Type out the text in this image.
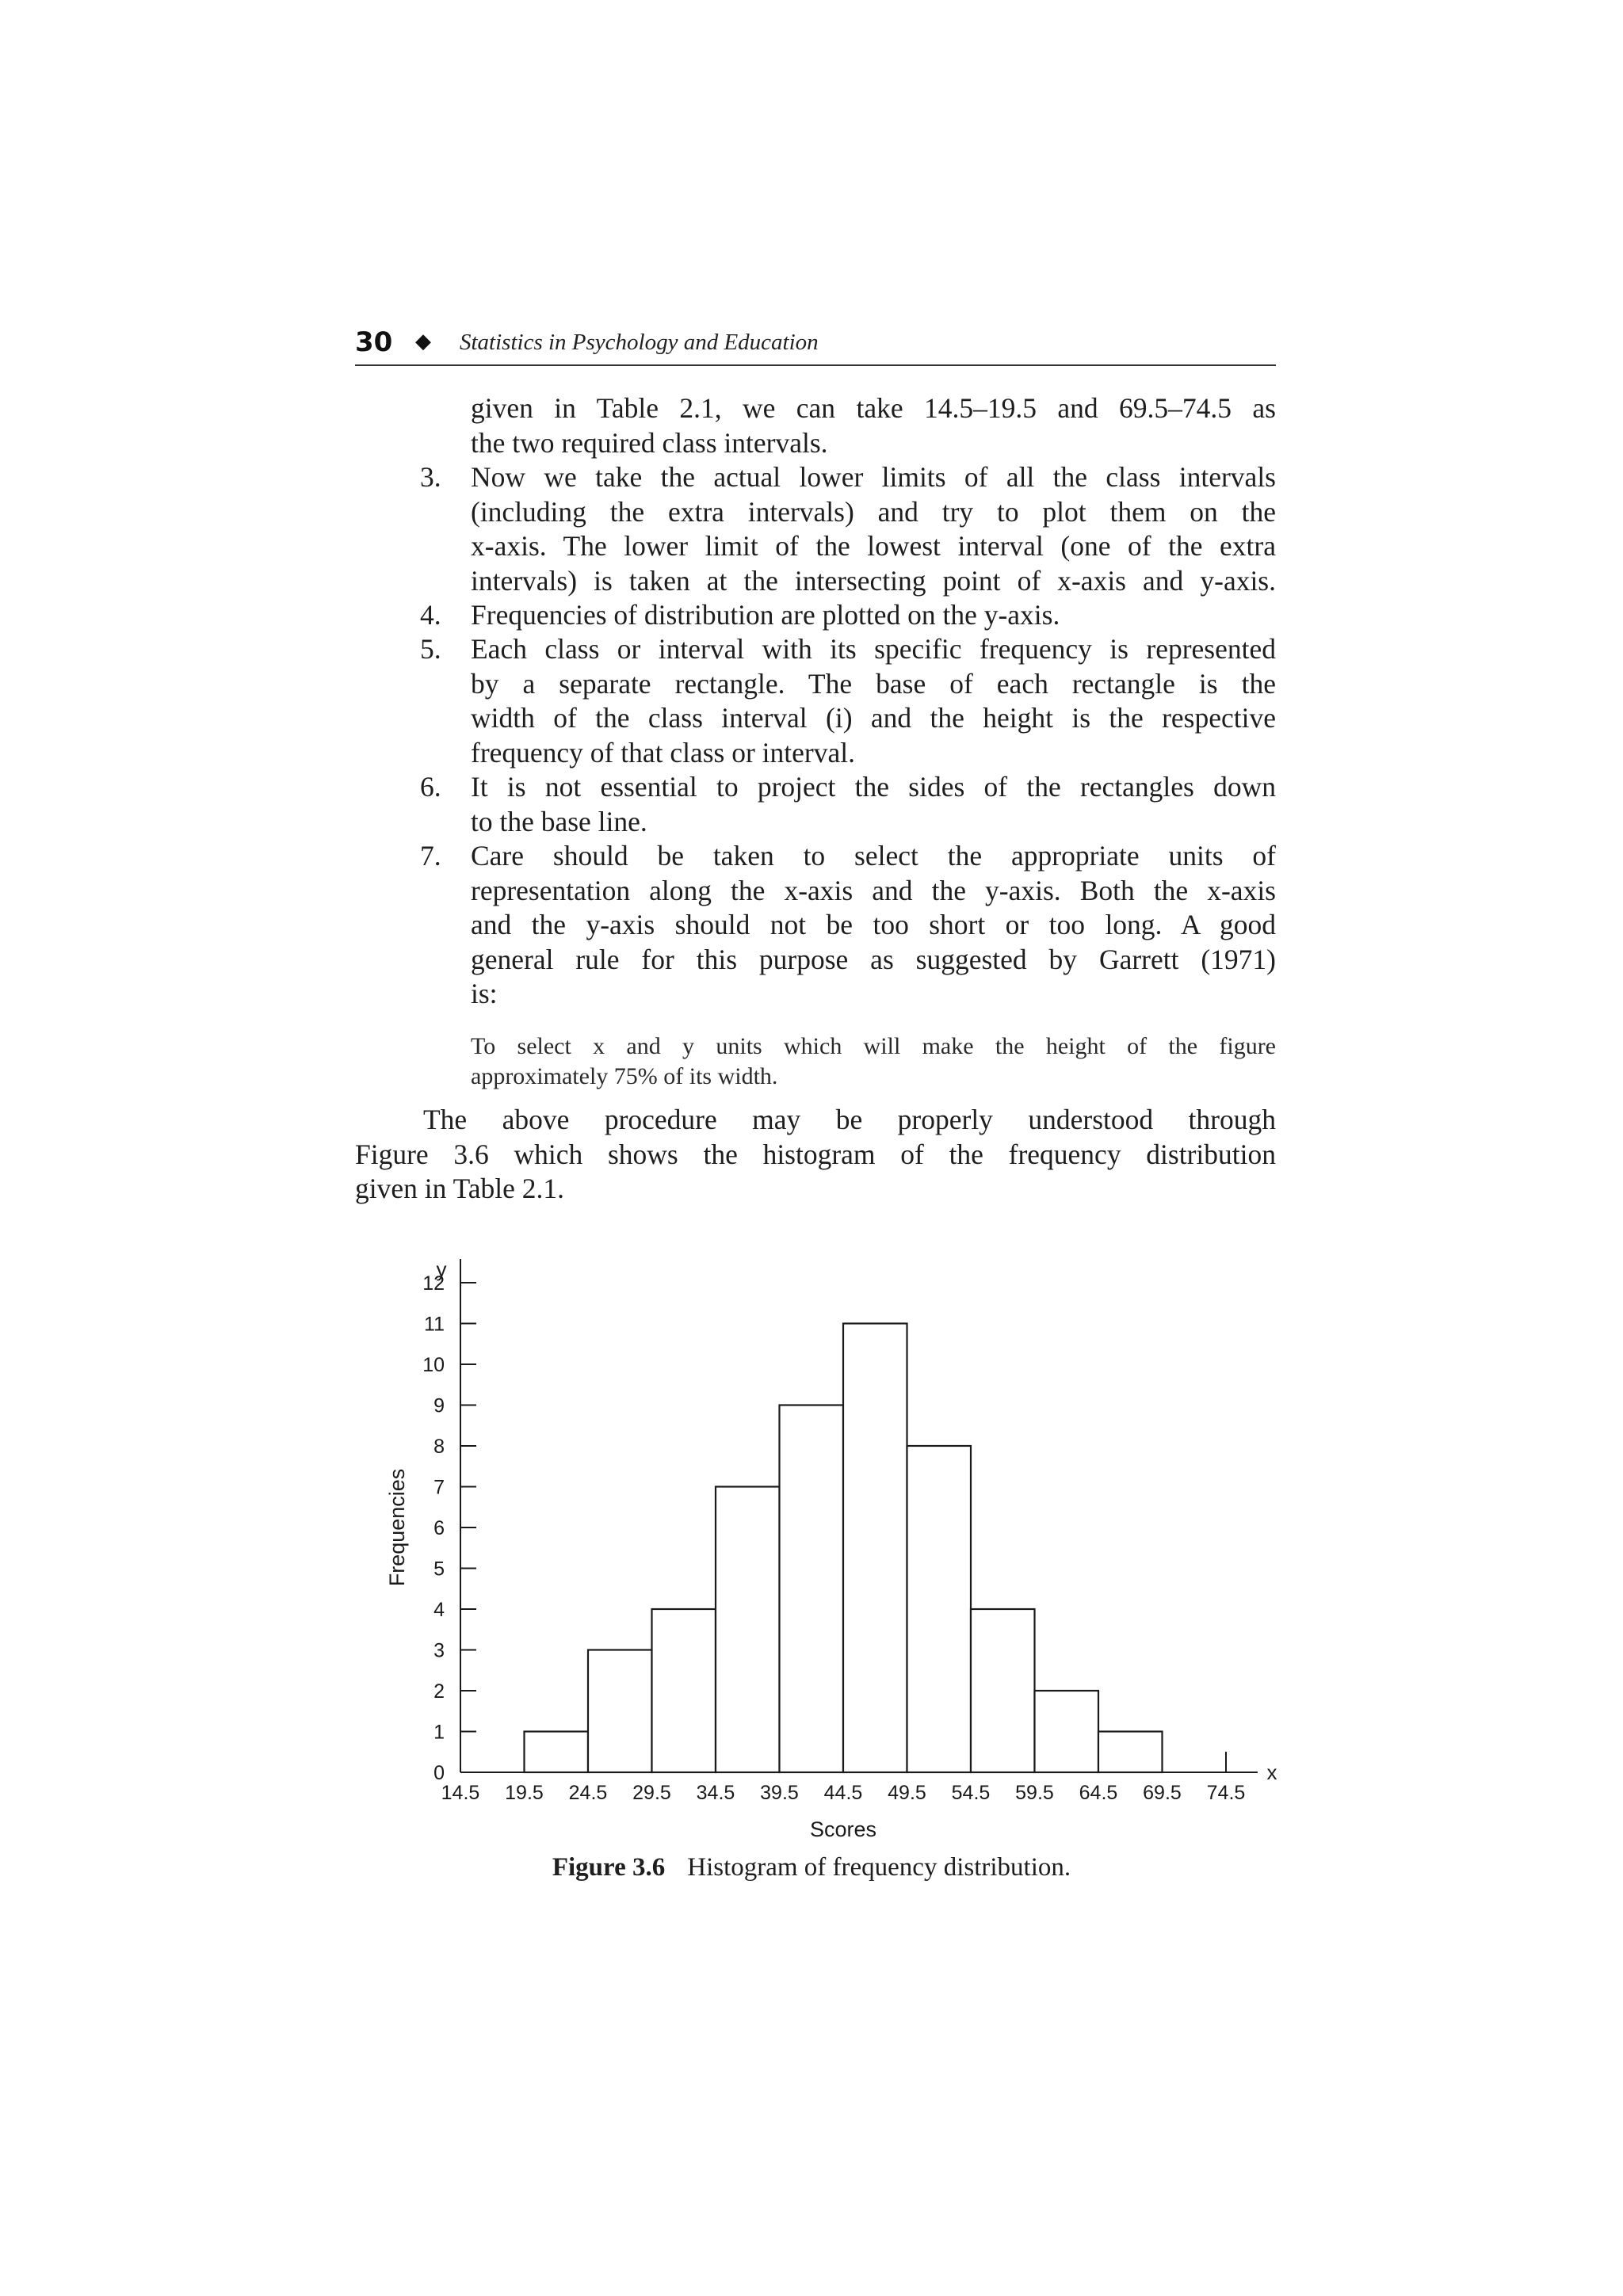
30 ◆ Statistics in Psychology and Education
given in Table 2.1, we can take 14.5–19.5 and 69.5–74.5 as
the two required class intervals.
3. Now we take the actual lower limits of all the class intervals
(including the extra intervals) and try to plot them on the
x-axis. The lower limit of the lowest interval (one of the extra
intervals) is taken at the intersecting point of x-axis and y-axis.
4. Frequencies of distribution are plotted on the y-axis.
5. Each class or interval with its specific frequency is represented
by a separate rectangle. The base of each rectangle is the
width of the class interval (i) and the height is the respective
frequency of that class or interval.
6. It is not essential to project the sides of the rectangles down
to the base line.
7. Care should be taken to select the appropriate units of
representation along the x-axis and the y-axis. Both the x-axis
and the y-axis should not be too short or too long. A good
general rule for this purpose as suggested by Garrett (1971)
is:
To select x and y units which will make the height of the figure
approximately 75% of its width.
The above procedure may be properly understood through
Figure 3.6 which shows the histogram of the frequency distribution
given in Table 2.1.
0
1
2
3
4
5
6
7
8
9
10
11
12
14.5 19.5 24.5 29.5 34.5 39.5 44.5 49.5 54.5 59.5 64.5 69.5 74.5
y
x
Scores
Frequencies
Figure 3.6 Histogram of frequency distribution.
